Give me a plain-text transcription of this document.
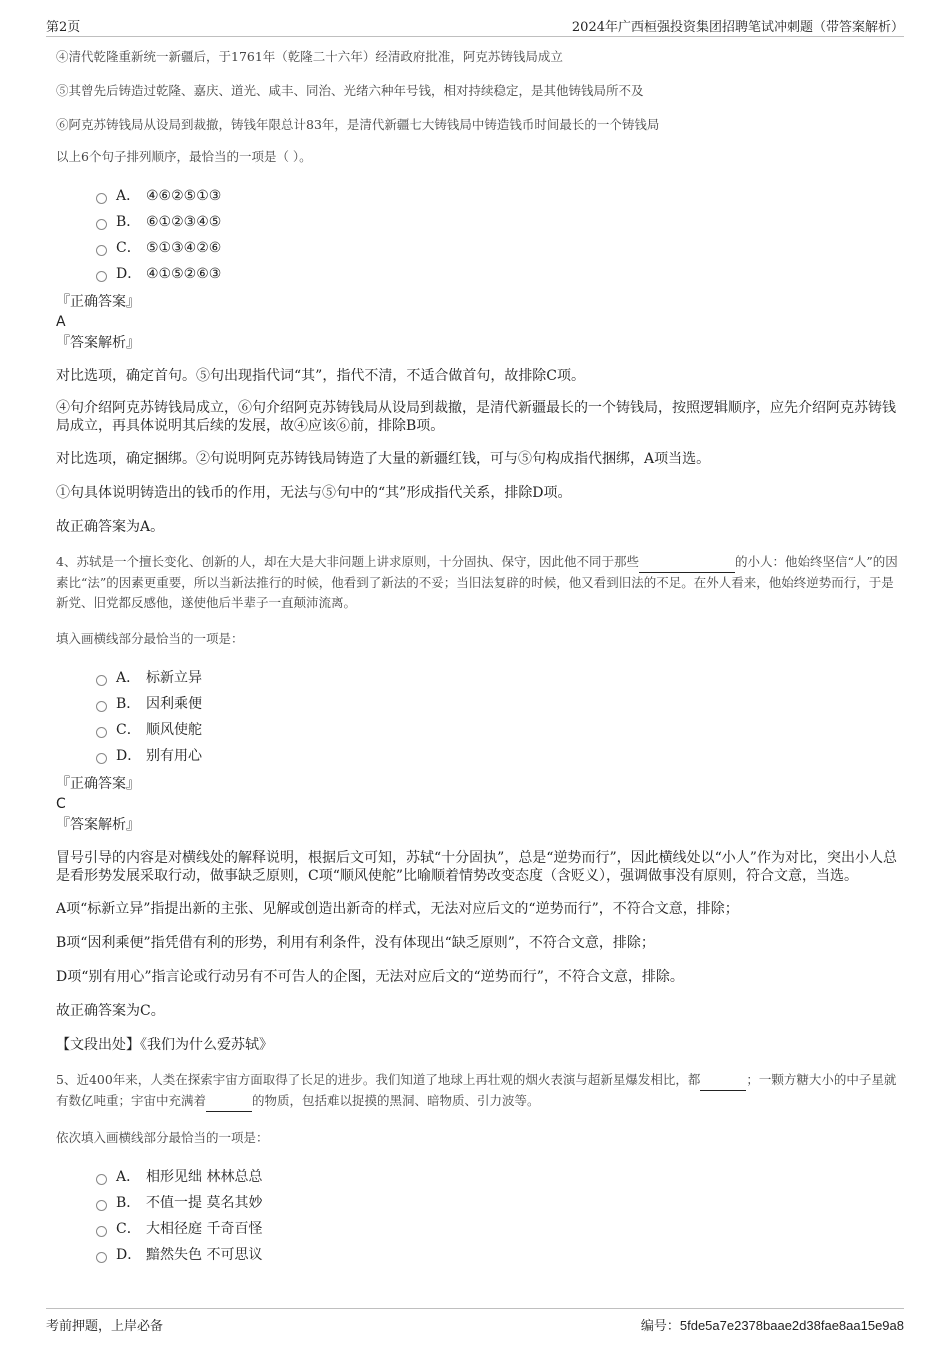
第2页	2024年广西桓强投资集团招聘笔试冲刺题（带答案解析）

④清代乾隆重新统一新疆后，于1761年（乾隆二十六年）经清政府批准，阿克苏铸钱局成立

⑤其曾先后铸造过乾隆、嘉庆、道光、咸丰、同治、光绪六种年号钱，相对持续稳定，是其他铸钱局所不及

⑥阿克苏铸钱局从设局到裁撤，铸钱年限总计83年，是清代新疆七大铸钱局中铸造钱币时间最长的一个铸钱局

以上6个句子排列顺序，最恰当的一项是（ ）。

A． ④⑥②⑤①③
B． ⑥①②③④⑤
C． ⑤①③④②⑥
D． ④①⑤②⑥③
『正确答案』
A
『答案解析』

对比选项，确定首句。⑤句出现指代词“其”，指代不清，不适合做首句，故排除C项。

④句介绍阿克苏铸钱局成立，⑥句介绍阿克苏铸钱局从设局到裁撤，是清代新疆最长的一个铸钱局，按照逻辑顺序，应先介绍阿克苏铸钱局成立，再具体说明其后续的发展，故④应该⑥前，排除B项。

对比选项，确定捆绑。②句说明阿克苏铸钱局铸造了大量的新疆红钱，可与⑤句构成指代捆绑，A项当选。

①句具体说明铸造出的钱币的作用，无法与⑤句中的“其”形成指代关系，排除D项。

故正确答案为A。

4、苏轼是一个擅长变化、创新的人，却在大是大非问题上讲求原则，十分固执、保守，因此他不同于那些	的小人：他始终坚信“人”的因素比“法”的因素更重要，所以当新法推行的时候，他看到了新法的不妥；当旧法复辟的时候，他又看到旧法的不足。在外人看来，他始终逆势而行，于是新党、旧党都反感他，遂使他后半辈子一直颠沛流离。

填入画横线部分最恰当的一项是：

A． 标新立异
B． 因利乘便
C． 顺风使舵
D． 别有用心
『正确答案』
C
『答案解析』

冒号引导的内容是对横线处的解释说明，根据后文可知，苏轼“十分固执”，总是“逆势而行”，因此横线处以“小人”作为对比，突出小人总是看形势发展采取行动，做事缺乏原则，C项“顺风使舵”比喻顺着情势改变态度（含贬义），强调做事没有原则，符合文意，当选。

A项“标新立异”指提出新的主张、见解或创造出新奇的样式，无法对应后文的“逆势而行”，不符合文意，排除；

B项“因利乘便”指凭借有利的形势，利用有利条件，没有体现出“缺乏原则”，不符合文意，排除；

D项“别有用心”指言论或行动另有不可告人的企图，无法对应后文的“逆势而行”，不符合文意，排除。

故正确答案为C。

【文段出处】《我们为什么爱苏轼》

5、近400年来，人类在探索宇宙方面取得了长足的进步。我们知道了地球上再壮观的烟火表演与超新星爆发相比，都	；一颗方糖大小的中子星就有数亿吨重；宇宙中充满着	的物质，包括难以捉摸的黑洞、暗物质、引力波等。

依次填入画横线部分最恰当的一项是：

A． 相形见绌 林林总总
B． 不值一提 莫名其妙
C． 大相径庭 千奇百怪
D． 黯然失色 不可思议
考前押题，上岸必备	编号：5fde5a7e2378baae2d38fae8aa15e9a8
